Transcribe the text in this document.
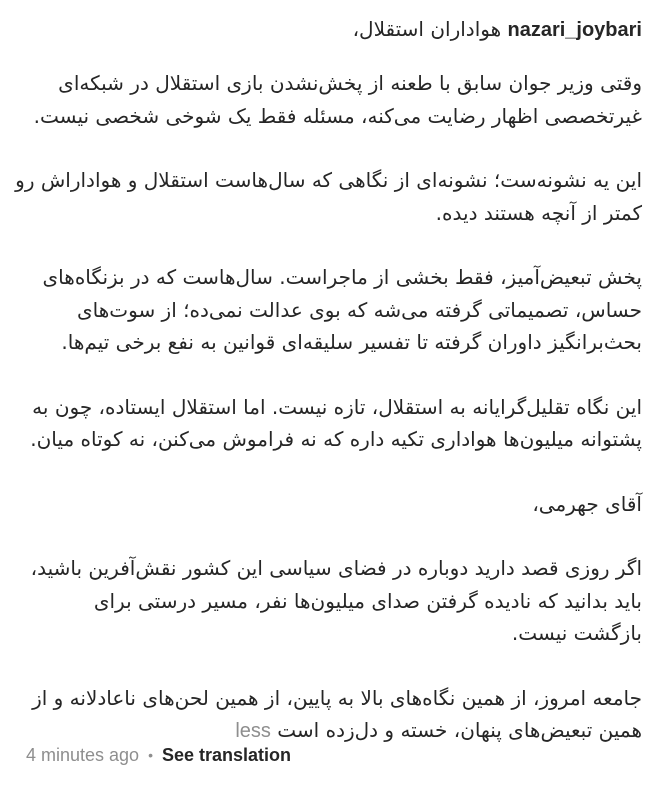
nazari_joybari هواداران استقلال،
وقتی وزیر جوان سابق با طعنه از پخش‌نشدن بازی استقلال در شبکه‌ای
غیرتخصصی اظهار رضایت می‌کنه، مسئله فقط یک شوخی شخصی نیست.
این یه نشونه‌ست؛ نشونه‌ای از نگاهی که سال‌هاست استقلال و هواداراش رو
کمتر از آنچه هستند دیده.
پخش تبعیض‌آمیز، فقط بخشی از ماجراست. سال‌هاست که در بزنگاه‌های
حساس، تصمیماتی گرفته می‌شه که بوی عدالت نمی‌ده؛ از سوت‌های
بحث‌برانگیز داوران گرفته تا تفسیر سلیقه‌ای قوانین به نفع برخی تیم‌ها.
این نگاه تقلیل‌گرایانه به استقلال، تازه نیست. اما استقلال ایستاده، چون به
پشتوانه میلیون‌ها هواداری تکیه داره که نه فراموش می‌کنن، نه کوتاه میان.
آقای جهرمی،
اگر روزی قصد دارید دوباره در فضای سیاسی این کشور نقش‌آفرین باشید،
باید بدانید که نادیده گرفتن صدای میلیون‌ها نفر، مسیر درستی برای
بازگشت نیست.
جامعه امروز، از همین نگاه‌های بالا به پایین، از همین لحن‌های ناعادلانه و از
همین تبعیض‌های پنهان، خسته و دل‌زده است less
4 minutes ago • See translation
